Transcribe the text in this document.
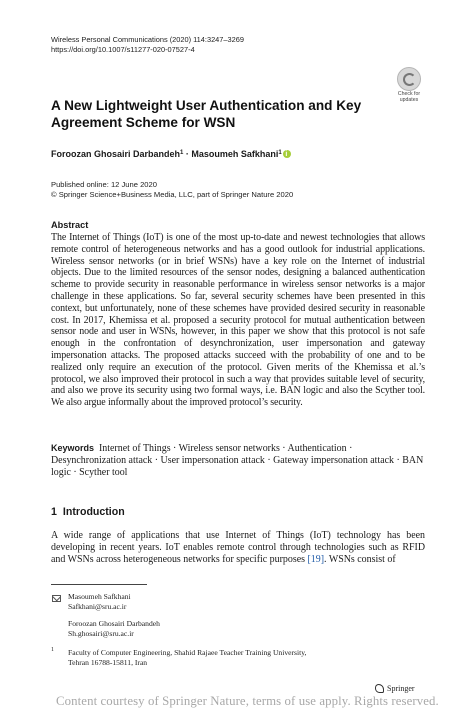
Wireless Personal Communications (2020) 114:3247–3269
https://doi.org/10.1007/s11277-020-07527-4
Check for
updates
A New Lightweight User Authentication and Key Agreement Scheme for WSN
Foroozan Ghosairi Darbandeh$^1$ · Masoumeh Safkhani$^1$i
Published online: 12 June 2020
© Springer Science+Business Media, LLC, part of Springer Nature 2020
Abstract
The Internet of Things (IoT) is one of the most up-to-date and newest technologies that allows remote control of heterogeneous networks and has a good outlook for industrial applications. Wireless sensor networks (or in brief WSNs) have a key role on the Internet of industrial objects. Due to the limited resources of the sensor nodes, designing a balanced authentication scheme to provide security in reasonable performance in wireless sensor networks is a major challenge in these applications. So far, several security schemes have been presented in this context, but unfortunately, none of these schemes have provided desired security in reasonable cost. In 2017, Khemissa et al. proposed a security protocol for mutual authentication between sensor node and user in WSNs, however, in this paper we show that this protocol is not safe enough in the confrontation of desynchronization, user impersonation and gateway impersonation attacks. The proposed attacks succeed with the probability of one and to be realized only require an execution of the protocol. Given merits of the Khemissa et al.’s protocol, we also improved their protocol in such a way that provides suitable level of security, and also we prove its security using two formal ways, i.e. BAN logic and also the Scyther tool. We also argue informally about the improved protocol’s security.
Keywords Internet of Things · Wireless sensor networks · Authentication · Desynchronization attack · User impersonation attack · Gateway impersonation attack · BAN logic · Scyther tool
1 Introduction
A wide range of applications that use Internet of Things (IoT) technology has been developing in recent years. IoT enables remote control through technologies such as RFID and WSNs across heterogeneous networks for specific purposes [19]. WSNs consist of
Masoumeh Safkhani
Safkhani@sru.ac.ir
Foroozan Ghosairi Darbandeh
Sh.ghosairi@sru.ac.ir
1 Faculty of Computer Engineering, Shahid Rajaee Teacher Training University,
Tehran 16788-15811, Iran
Springer
Content courtesy of Springer Nature, terms of use apply. Rights reserved.
